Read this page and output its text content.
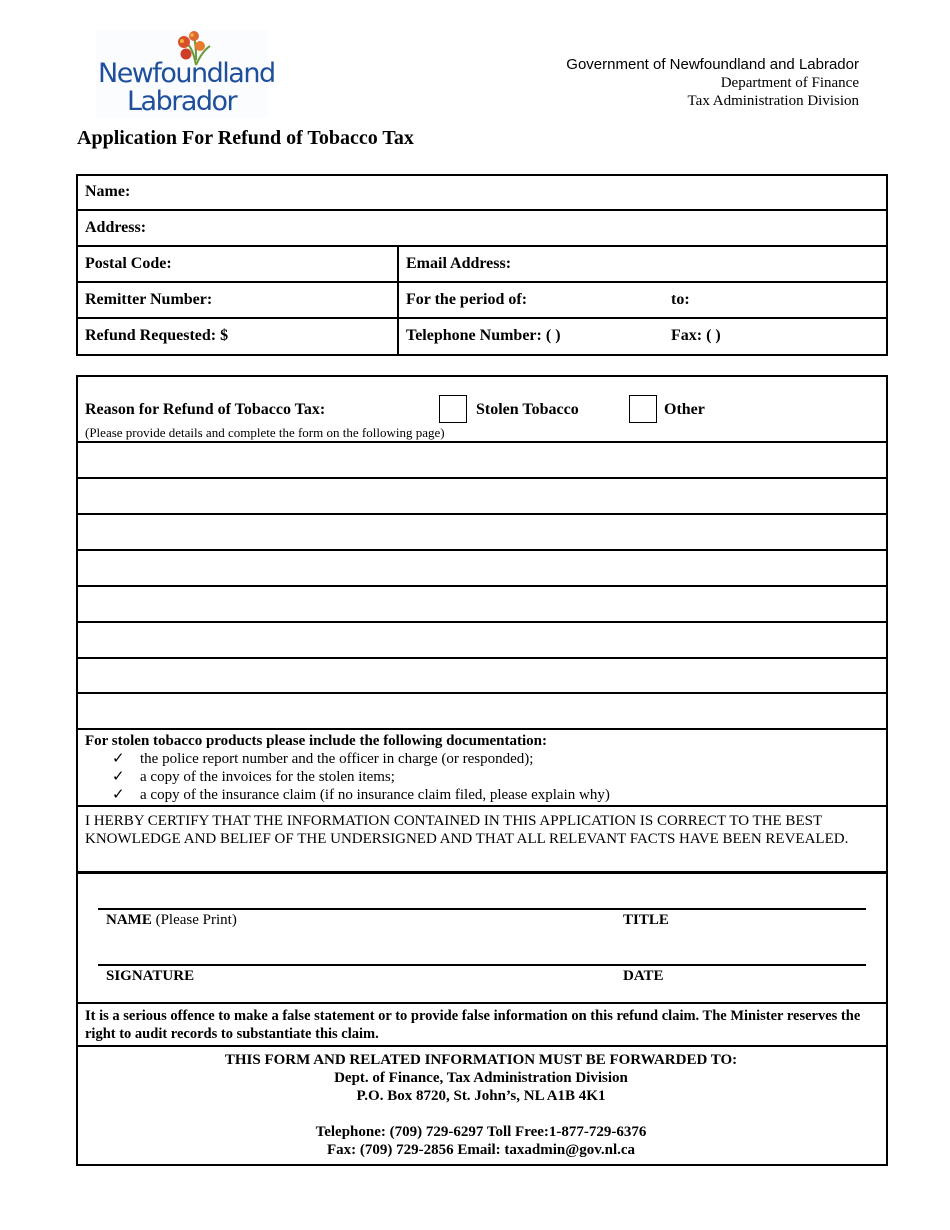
Newfoundland
Labrador
Government of Newfoundland and Labrador
Department of Finance
Tax Administration Division
Application For Refund of Tobacco Tax
Name:
Address:
Postal Code:	Email Address:
Remitter Number:	For the period of:	to:
Refund Requested: $	Telephone Number: ( )	Fax: ( )
Reason for Refund of Tobacco Tax:
(Please provide details and complete the form on the following page)
Stolen Tobacco	Other
For stolen tobacco products please include the following documentation:
✓ the police report number and the officer in charge (or responded);
✓ a copy of the invoices for the stolen items;
✓ a copy of the insurance claim (if no insurance claim filed, please explain why)
I HERBY CERTIFY THAT THE INFORMATION CONTAINED IN THIS APPLICATION IS CORRECT TO THE BEST KNOWLEDGE AND BELIEF OF THE UNDERSIGNED AND THAT ALL RELEVANT FACTS HAVE BEEN REVEALED.
NAME (Please Print)	TITLE
SIGNATURE	DATE
It is a serious offence to make a false statement or to provide false information on this refund claim. The Minister reserves the right to audit records to substantiate this claim.
THIS FORM AND RELATED INFORMATION MUST BE FORWARDED TO:
Dept. of Finance, Tax Administration Division
P.O. Box 8720, St. John’s, NL A1B 4K1
Telephone: (709) 729-6297 Toll Free:1-877-729-6376
Fax: (709) 729-2856 Email: taxadmin@gov.nl.ca
